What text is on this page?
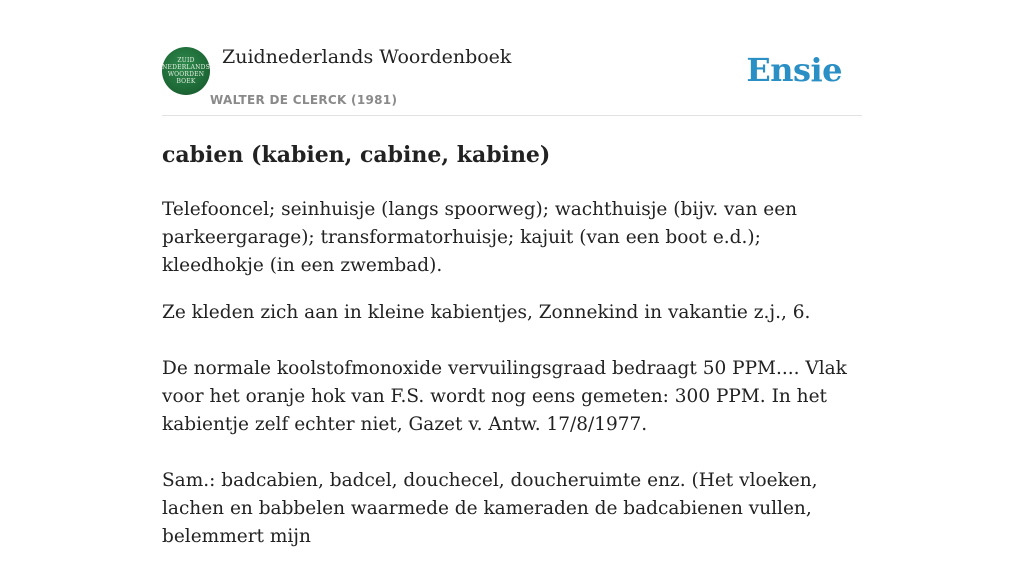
ZUID
NEDERLANDS
WOORDEN
BOEK
Zuidnederlands Woordenboek
WALTER DE CLERCK (1981)
Ensie
cabien (kabien, cabine, kabine)

Telefooncel; seinhuisje (langs spoorweg); wachthuisje (bijv. van een parkeergarage); transformatorhuisje; kajuit (van een boot e.d.); kleedhokje (in een zwembad).

Ze kleden zich aan in kleine kabientjes, Zonnekind in vakantie z.j., 6.

De normale koolstofmonoxide vervuilingsgraad bedraagt 50 PPM.... Vlak voor het oranje hok van F.S. wordt nog eens gemeten: 300 PPM. In het kabientje zelf echter niet, Gazet v. Antw. 17/8/1977.

Sam.: badcabien, badcel, douchecel, doucheruimte enz. (Het vloeken, lachen en babbelen waarmede de kameraden de badcabienen vullen, belemmert mijn
